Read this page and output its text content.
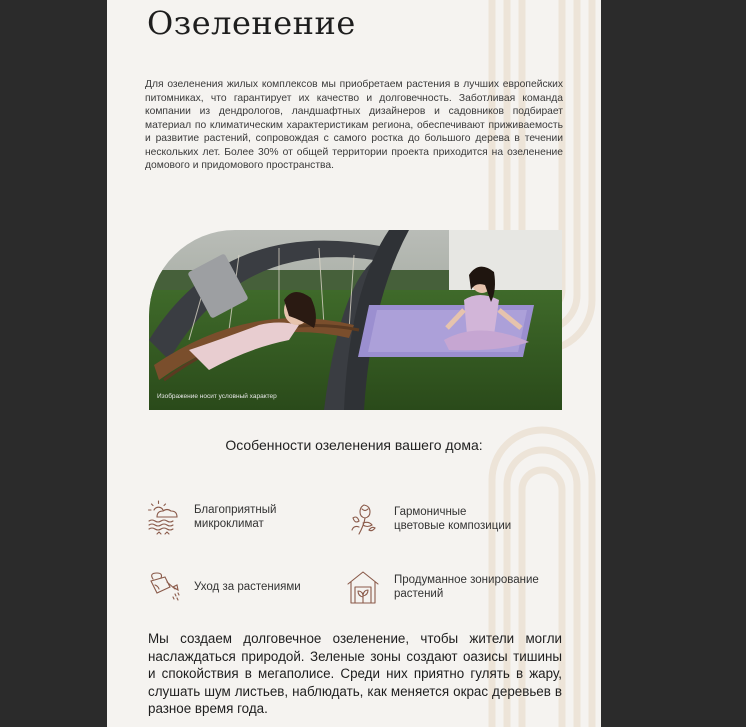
Озеленение

Для озеленения жилых комплексов мы приобретаем растения в лучших европейских питомниках, что гарантирует их качество и долговечность. Заботливая команда компании из дендрологов, ландшафтных дизайнеров и садовников подбирает материал по климатическим характеристикам региона, обеспечивают приживаемость и развитие растений, сопровождая с самого ростка до большого дерева в течении нескольких лет. Более 30% от общей территории проекта приходится на озеленение домового и придомового пространства.

Изображение носит условный характер

Особенности озеленения вашего дома:

Благоприятный
микроклимат
Гармоничные
цветовые композиции
Уход за растениями
Продуманное зонирование
растений

Мы создаем долговечное озеленение, чтобы жители могли наслаждаться природой. Зеленые зоны создают оазисы тишины и спокойствия в мегаполисе. Среди них приятно гулять в жару, слушать шум листьев, наблюдать, как меняется окрас деревьев в разное время года.
